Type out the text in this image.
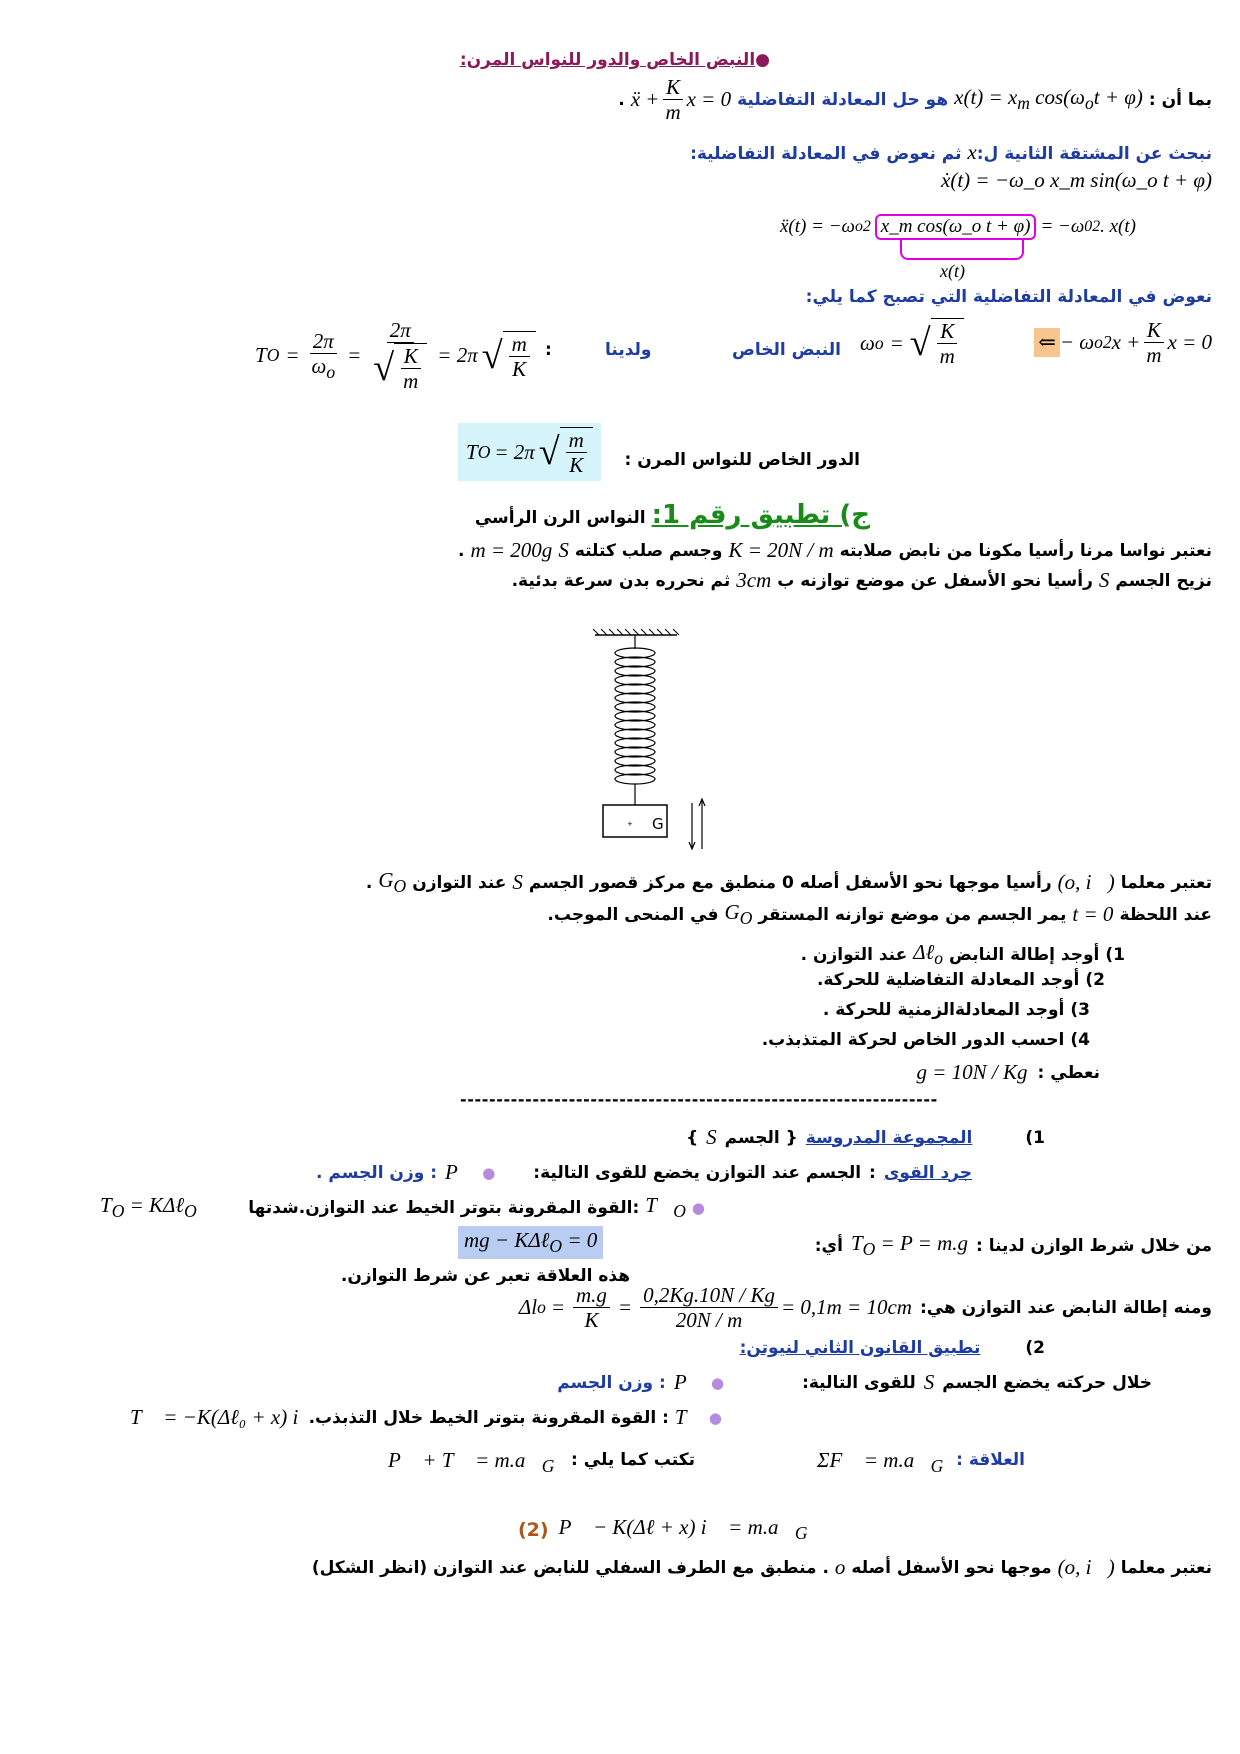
●النبض الخاص والدور للنواس المرن:
بما أن :
$x(t) = x_m$ $\cos(\omega_ot + \varphi)$
هو حل المعادلة التفاضلية
ẍ + $\frac{K}{m}$ x = 0
.
نبحث عن المشتقة الثانية ل:x ثم نعوض في المعادلة التفاضلية:
ẋ(t) = −ω_o x_m sin(ω_o t + φ)
ẍ(t) = −ω o 2 x_m cos(ω_o t + φ) = −ω 0 2 . x(t)
x(t)
نعوض في المعادلة التفاضلية التي تصبح كما يلي:
⇐ − ω o 2 $x + \frac{K}{m}$ x = 0
ω o = √ $\frac{K}{m}$
النبض الخاص
ولدينا
:
T $O = \frac{2\pi}{\omega_o} = \frac{2\pi}{√ \frac{K}{m}} = 2\pi$ √ $\frac{m}{K}$
الدور الخاص للنواس المرن :
T O = 2π √ $\frac{m}{K}$
ج) تطبيق رقم 1:
النواس الرن الرأسي
نعتبر نواسا مرنا رأسيا مكونا من نابض صلابته
K = 20N / m
وجسم صلب كتلته
S
m = 200g
.
نزيح الجسم
S
رأسيا نحو الأسفل عن موضع توازنه ب
3cm
ثم نحرره بدن سرعة بدئية.
+ G
تعتبر معلما
(o, i⃗)
رأسيا موجها نحو الأسفل أصله
0
منطبق مع مركز قصور الجسم
S
عند التوازن
$G_O$
.
عند اللحظة
t = 0
يمر الجسم من موضع توازنه المستقر
$G_O$
في المنحى الموجب.
1)
أوجد إطالة النابض
Δℓ$_o$
عند التوازن .
2)
أوجد المعادلة التفاضلية للحركة.
3)
أوجد المعادلةالزمنية للحركة .
4)
احسب الدور الخاص لحركة المتذبذب.
نعطي :
g = 10N / Kg
------------------------------------------------------------------
1)
المجموعة المدروسة
{ الجسم
S
}
جرد القوى
:
الجسم عند التوازن يخضع للقوى التالية:
●
P⃗
: وزن الجسم .
●
$T⃗_O$
:القوة المقرونة بتوتر الخيط عند التوازن.شدتها
$T_O$ = KΔℓ$_O$
من خلال شرط الوازن لدينا :
$T_O = P = m.g$
أي:
هذه العلاقة تعبر عن شرط التوازن.
mg − KΔℓ$_O$ = 0
ومنه إطالة النابض عند التوازن هي:
Δl $o = \frac{m.g}{K} = \frac{0,2Kg.10N / Kg}{20N / m} = 0,1m = 10cm$
2)
تطبيق القانون الثاني لنيوتن:
خلال حركته يخضع الجسم
S
للقوى التالية:
●
P⃗
: وزن الجسم
●
T⃗
: القوة المقرونة بتوتر الخيط خلال التذبذب.
T⃗ = −K(Δℓ₀ + x) i⃗
العلاقة :
ΣF⃗ = $m.a⃗_G$
تكتب كما يلي :
P⃗ + T⃗ = $m.a⃗_G$
(2) P⃗ − K(Δℓ + x) i⃗ = $m.a⃗_G$
نعتبر معلما
(o, i⃗)
موجها نحو الأسفل أصله
o
. منطبق مع الطرف السفلي للنابض عند التوازن (انظر الشكل)
